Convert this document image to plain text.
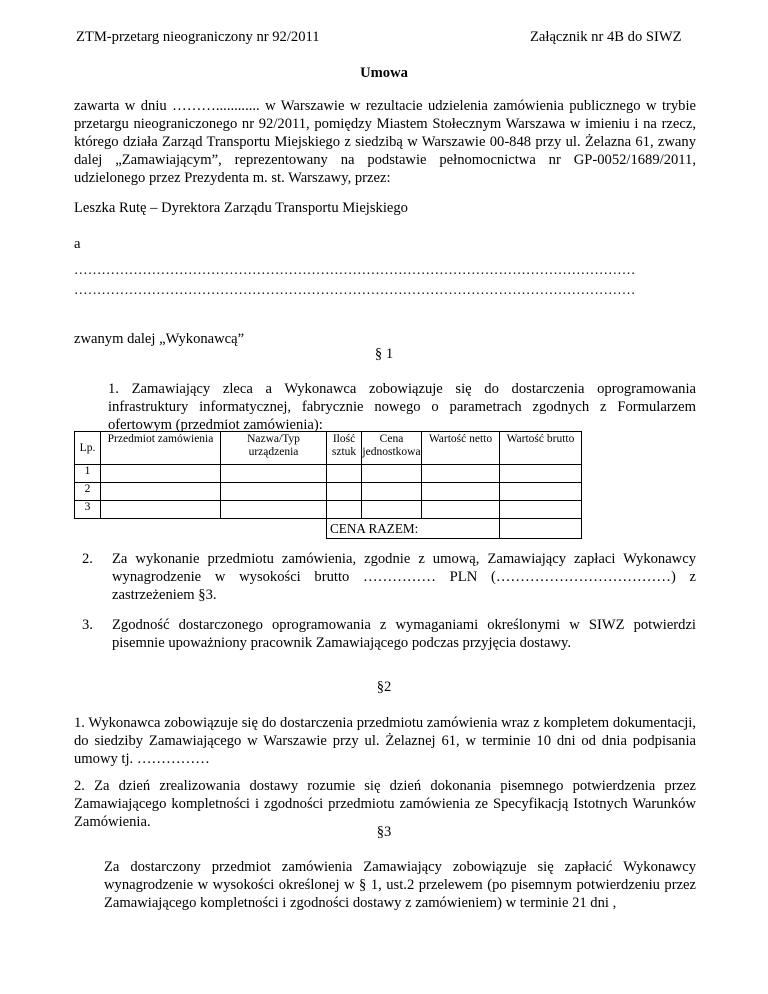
ZTM-przetarg nieograniczony nr 92/2011	Załącznik nr 4B do SIWZ
Umowa

zawarta w dniu ………............ w Warszawie w rezultacie udzielenia zamówienia publicznego w trybie przetargu nieograniczonego nr 92/2011, pomiędzy Miastem Stołecznym Warszawa w imieniu i na rzecz, którego działa Zarząd Transportu Miejskiego z siedzibą w Warszawie 00-848 przy ul. Żelazna 61, zwany dalej „Zamawiającym”, reprezentowany na podstawie pełnomocnictwa nr GP-0052/1689/2011, udzielonego przez Prezydenta m. st. Warszawy, przez:

Leszka Rutę – Dyrektora Zarządu Transportu Miejskiego

a

……………………………………………………………………………………………………………

……………………………………………………………………………………………………………

zwanym dalej „Wykonawcą”

§ 1

1. Zamawiający zleca a Wykonawca zobowiązuje się do dostarczenia oprogramowania infrastruktury informatycznej, fabrycznie nowego o parametrach zgodnych z Formularzem ofertowym (przedmiot zamówienia):

Lp.	Przedmiot zamówienia	Nazwa/Typ urządzenia	Ilość sztuk	Cena jednostkowa	Wartość netto	Wartość brutto
1						
2						
3						
			CENA RAZEM:			
2. Za wykonanie przedmiotu zamówienia, zgodnie z umową, Zamawiający zapłaci Wykonawcy wynagrodzenie w wysokości brutto …………… PLN (………………………………) z zastrzeżeniem §3.

3. Zgodność dostarczonego oprogramowania z wymaganiami określonymi w SIWZ potwierdzi pisemnie upoważniony pracownik Zamawiającego podczas przyjęcia dostawy.

§2

1. Wykonawca zobowiązuje się do dostarczenia przedmiotu zamówienia wraz z kompletem dokumentacji, do siedziby Zamawiającego w Warszawie przy ul. Żelaznej 61, w terminie 10 dni od dnia podpisania umowy tj. ……………

2. Za dzień zrealizowania dostawy rozumie się dzień dokonania pisemnego potwierdzenia przez Zamawiającego kompletności i zgodności przedmiotu zamówienia ze Specyfikacją Istotnych Warunków Zamówienia.

§3

Za dostarczony przedmiot zamówienia Zamawiający zobowiązuje się zapłacić Wykonawcy wynagrodzenie w wysokości określonej w § 1, ust.2 przelewem (po pisemnym potwierdzeniu przez Zamawiającego kompletności i zgodności dostawy z zamówieniem) w terminie 21 dni ,
